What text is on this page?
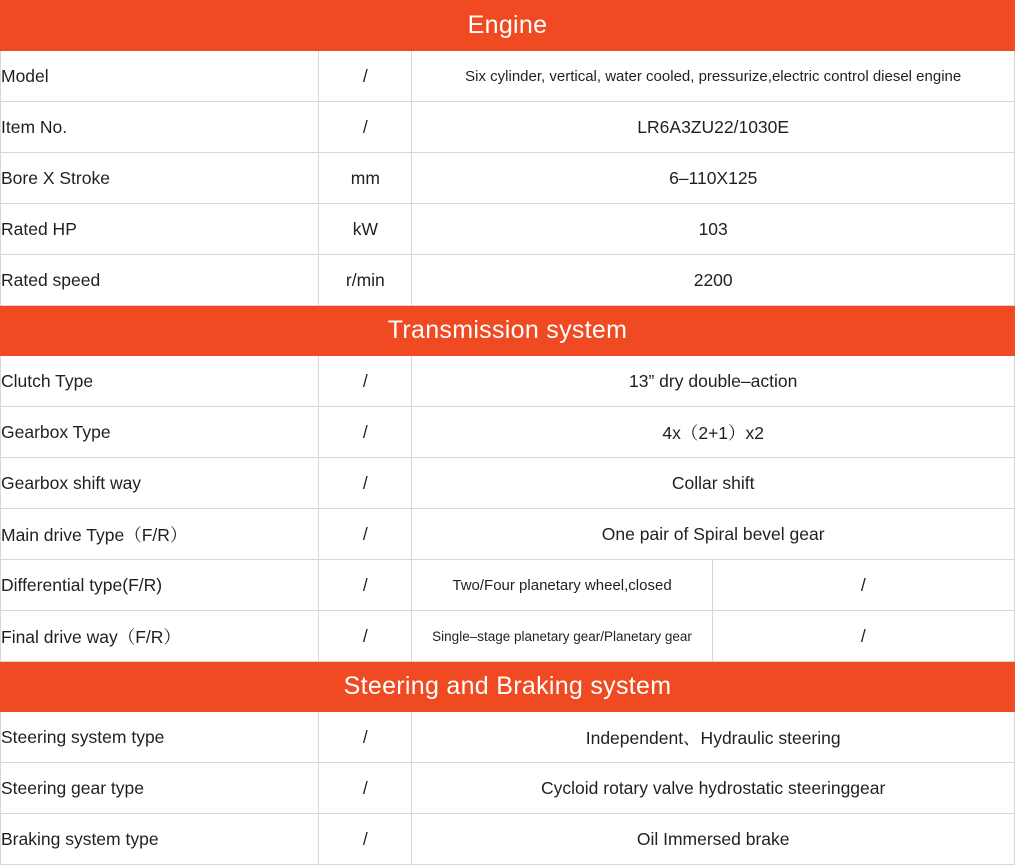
Engine			
Model	/	Six cylinder, vertical, water cooled, pressurize,electric control diesel engine	
Item No.	/	LR6A3ZU22/1030E	
Bore X Stroke	mm	6–110X125	
Rated HP	kW	103	
Rated speed	r/min	2200	
Transmission system			
Clutch Type	/	13” dry double–action	
Gearbox Type	/	4x（2+1）x2	
Gearbox shift way	/	Collar shift	
Main drive Type（F/R）	/	One pair of Spiral bevel gear	
Differential type(F/R)	/	Two/Four planetary wheel,closed	/
Final drive way（F/R）	/	Single–stage planetary gear/Planetary gear	/
Steering and Braking system			
Steering system type	/	Independent、Hydraulic steering	
Steering gear type	/	Cycloid rotary valve hydrostatic steeringgear	
Braking system type	/	Oil Immersed brake	
